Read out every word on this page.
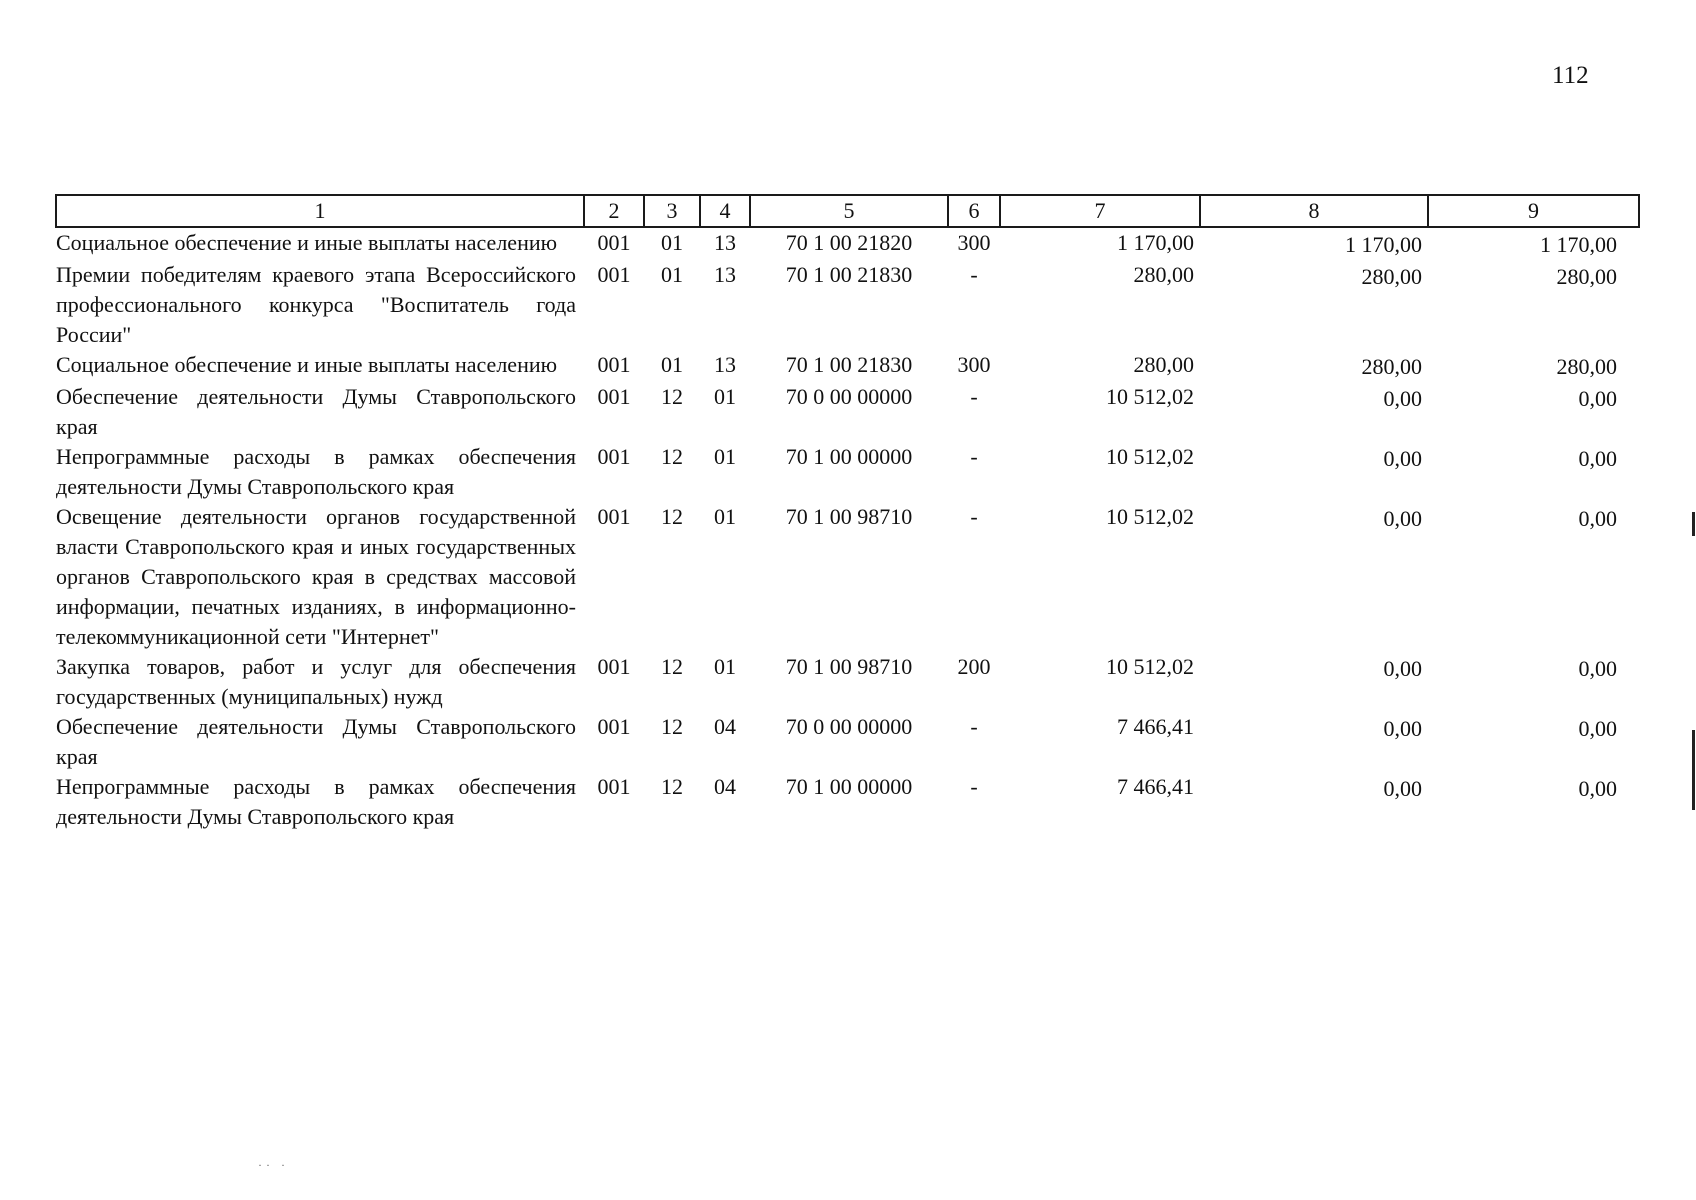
112
1	2	3	4	5	6	7	8	9
Социальное обеспечение и иные выплаты населению	001	01	13	70 1 00 21820	300	1 170,00	1 170,00	1 170,00
Премии победителям краевого этапа Всероссийского профессионального конкурса "Воспитатель года России"	001	01	13	70 1 00 21830	-	280,00	280,00	280,00
Социальное обеспечение и иные выплаты населению	001	01	13	70 1 00 21830	300	280,00	280,00	280,00
Обеспечение деятельности Думы Ставропольского края	001	12	01	70 0 00 00000	-	10 512,02	0,00	0,00
Непрограммные расходы в рамках обеспечения деятельности Думы Ставропольского края	001	12	01	70 1 00 00000	-	10 512,02	0,00	0,00
Освещение деятельности органов государственной власти Ставропольского края и иных государственных органов Ставропольского края в средствах массовой информации, печатных изданиях, в информационно-телекоммуникационной сети "Интернет"	001	12	01	70 1 00 98710	-	10 512,02	0,00	0,00
Закупка товаров, работ и услуг для обеспечения государственных (муниципальных) нужд	001	12	01	70 1 00 98710	200	10 512,02	0,00	0,00
Обеспечение деятельности Думы Ставропольского края	001	12	04	70 0 00 00000	-	7 466,41	0,00	0,00
Непрограммные расходы в рамках обеспечения деятельности Думы Ставропольского края	001	12	04	70 1 00 00000	-	7 466,41	0,00	0,00
·· ·
